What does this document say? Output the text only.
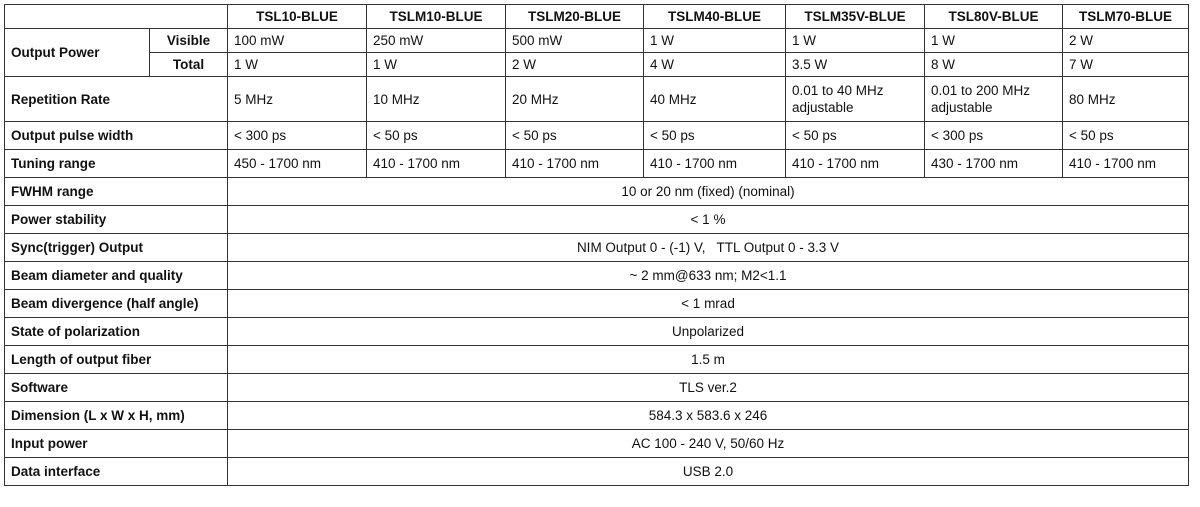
		TSL10-BLUE	TSLM10-BLUE	TSLM20-BLUE	TSLM40-BLUE	TSLM35V-BLUE	TSL80V-BLUE	TSLM70-BLUE
Output Power	Visible	100 mW	250 mW	500 mW	1 W	1 W	1 W	2 W
	Total	1 W	1 W	2 W	4 W	3.5 W	8 W	7 W
Repetition Rate		5 MHz	10 MHz	20 MHz	40 MHz	0.01 to 40 MHz adjustable	0.01 to 200 MHz adjustable	80 MHz
Output pulse width		< 300 ps	< 50 ps	< 50 ps	< 50 ps	< 50 ps	< 300 ps	< 50 ps
Tuning range		450 - 1700 nm	410 - 1700 nm	410 - 1700 nm	410 - 1700 nm	410 - 1700 nm	430 - 1700 nm	410 - 1700 nm
FWHM range		10 or 20 nm (fixed) (nominal)						
Power stability		< 1 %						
Sync(trigger) Output		NIM Output 0 - (-1) V,   TTL Output 0 - 3.3 V						
Beam diameter and quality		~ 2 mm@633 nm; M2<1.1						
Beam divergence (half angle)		< 1 mrad						
State of polarization		Unpolarized						
Length of output fiber		1.5 m						
Software		TLS ver.2						
Dimension (L x W x H, mm)		584.3 x 583.6 x 246						
Input power		AC 100 - 240 V, 50/60 Hz						
Data interface		USB 2.0						
